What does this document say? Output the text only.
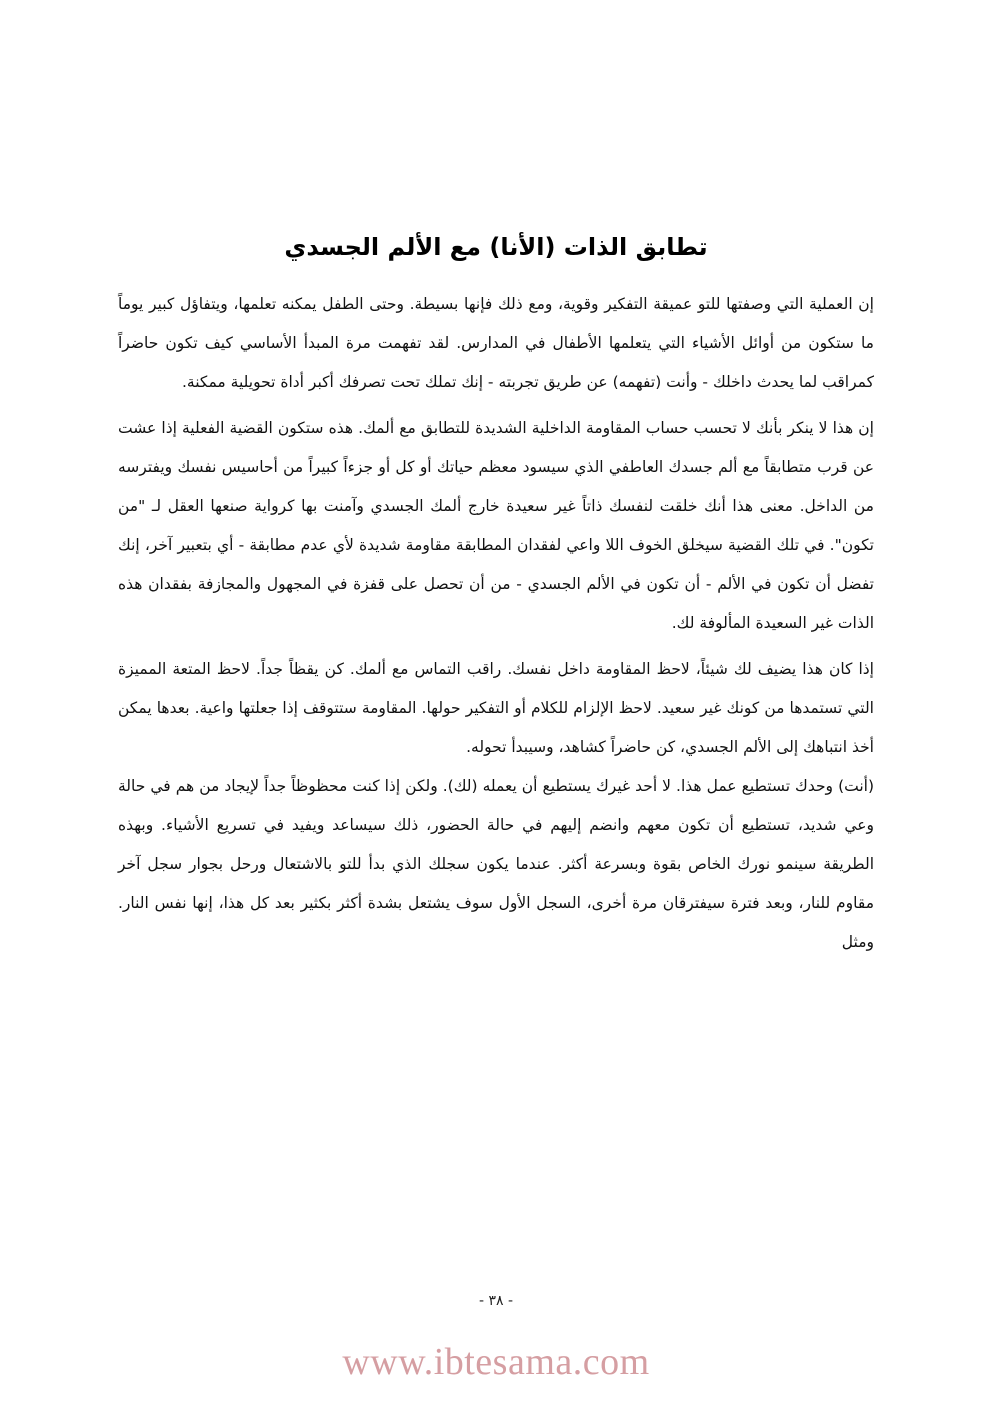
تطابق الذات (الأنا) مع الألم الجسدي

إن العملية التي وصفتها للتو عميقة التفكير وقوية، ومع ذلك فإنها بسيطة. وحتى الطفل يمكنه تعلمها، ويتفاؤل كبير يوماً ما ستكون من أوائل الأشياء التي يتعلمها الأطفال في المدارس. لقد تفهمت مرة المبدأ الأساسي كيف تكون حاضراً كمراقب لما يحدث داخلك - وأنت (تفهمه) عن طريق تجربته - إنك تملك تحت تصرفك أكبر أداة تحويلية ممكنة.

إن هذا لا ينكر بأنك لا تحسب حساب المقاومة الداخلية الشديدة للتطابق مع ألمك. هذه ستكون القضية الفعلية إذا عشت عن قرب متطابقاً مع ألم جسدك العاطفي الذي سيسود معظم حياتك أو كل أو جزءاً كبيراً من أحاسيس نفسك ويفترسه من الداخل. معنى هذا أنك خلقت لنفسك ذاتاً غير سعيدة خارج ألمك الجسدي وآمنت بها كرواية صنعها العقل لـ "من تكون". في تلك القضية سيخلق الخوف اللا واعي لفقدان المطابقة مقاومة شديدة لأي عدم مطابقة - أي بتعبير آخر، إنك تفضل أن تكون في الألم - أن تكون في الألم الجسدي - من أن تحصل على قفزة في المجهول والمجازفة بفقدان هذه الذات غير السعيدة المألوفة لك.

إذا كان هذا يضيف لك شيئاً، لاحظ المقاومة داخل نفسك. راقب التماس مع ألمك. كن يقظاً جداً. لاحظ المتعة المميزة التي تستمدها من كونك غير سعيد. لاحظ الإلزام للكلام أو التفكير حولها. المقاومة ستتوقف إذا جعلتها واعية. بعدها يمكن أخذ انتباهك إلى الألم الجسدي، كن حاضراً كشاهد، وسيبدأ تحوله.

(أنت) وحدك تستطيع عمل هذا. لا أحد غيرك يستطيع أن يعمله (لك). ولكن إذا كنت محظوظاً جداً لإيجاد من هم في حالة وعي شديد، تستطيع أن تكون معهم وانضم إليهم في حالة الحضور، ذلك سيساعد ويفيد في تسريع الأشياء. وبهذه الطريقة سينمو نورك الخاص بقوة وبسرعة أكثر. عندما يكون سجلك الذي بدأ للتو بالاشتعال ورحل بجوار سجل آخر مقاوم للنار، وبعد فترة سيفترقان مرة أخرى، السجل الأول سوف يشتعل بشدة أكثر بكثير بعد كل هذا، إنها نفس النار. ومثل

- ٣٨ -
www.ibtesama.com
